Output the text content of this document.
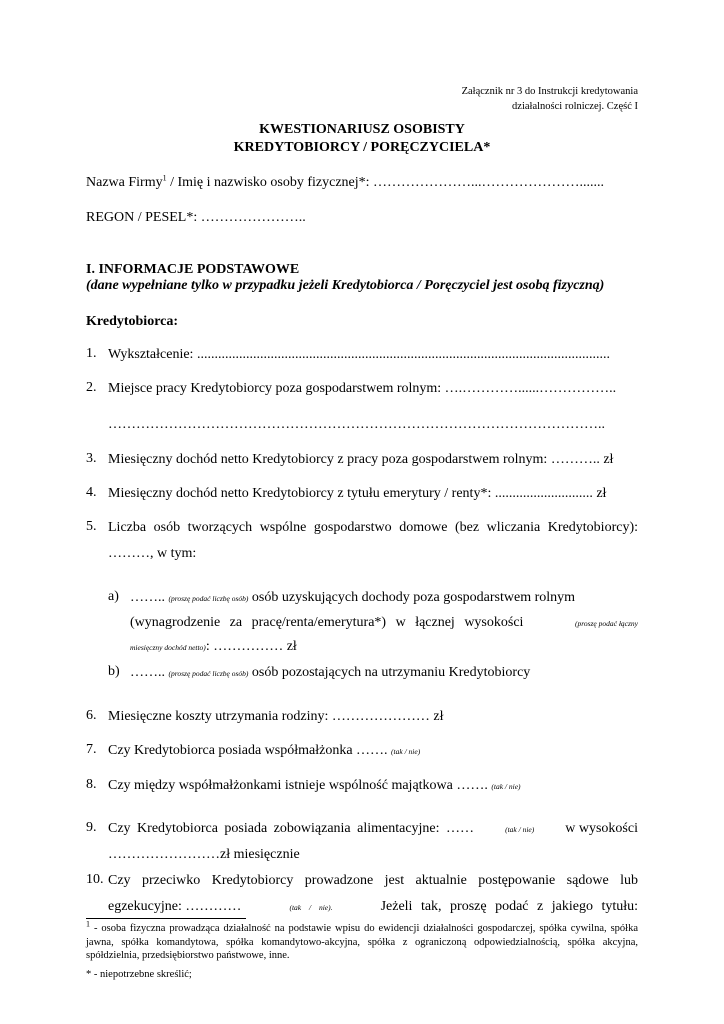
Załącznik nr 3 do Instrukcji kredytowania
działalności rolniczej. Część I
KWESTIONARIUSZ OSOBISTY
KREDYTOBIORCY / PORĘCZYCIELA*
Nazwa Firmy$^1$ / Imię i nazwisko osoby fizycznej*: …………………...………………….......
REGON / PESEL*: …………………..
I. INFORMACJE PODSTAWOWE
(dane wypełniane tylko w przypadku jeżeli Kredytobiorca / Poręczyciel jest osobą fizyczną)
Kredytobiorca:
1. Wykształcenie: ......................................................................................................................
2. Miejsce pracy Kredytobiorcy poza gospodarstwem rolnym: ….…………......……………..
……………………………………………………………………………………………..
3. Miesięczny dochód netto Kredytobiorcy z pracy poza gospodarstwem rolnym: ……….. zł
4. Miesięczny dochód netto Kredytobiorcy z tytułu emerytury / renty*: ............................ zł
5. Liczba osób tworzących wspólne gospodarstwo domowe (bez wliczania Kredytobiorcy):
………, w tym:
a) …….. (proszę podać liczbę osób) osób uzyskujących dochody poza gospodarstwem rolnym
(wynagrodzenie za pracę/renta/emerytura*) w łącznej wysokości	(proszę podać łączny
miesięczny dochód netto): …………… zł
b) …….. (proszę podać liczbę osób) osób pozostających na utrzymaniu Kredytobiorcy
6. Miesięczne koszty utrzymania rodziny: ………………… zł
7. Czy Kredytobiorca posiada współmałżonka ……. (tak / nie)
8. Czy między współmałżonkami istnieje wspólność majątkowa ……. (tak / nie)
9. Czy Kredytobiorca posiada zobowiązania alimentacyjne: ……	(tak / nie) w wysokości
……………………zł miesięcznie
10. Czy przeciwko Kredytobiorcy prowadzone jest aktualnie postępowanie sądowe lub
egzekucyjne: …………	(tak / nie).	Jeżeli tak, proszę podać z jakiego tytułu:
$^1$ - osoba fizyczna prowadząca działalność na podstawie wpisu do ewidencji działalności gospodarczej, spółka cywilna, spółka jawna, spółka komandytowa, spółka komandytowo-akcyjna, spółka z ograniczoną odpowiedzialnością, spółka akcyjna, spółdzielnia, przedsiębiorstwo państwowe, inne.
* - niepotrzebne skreślić;
